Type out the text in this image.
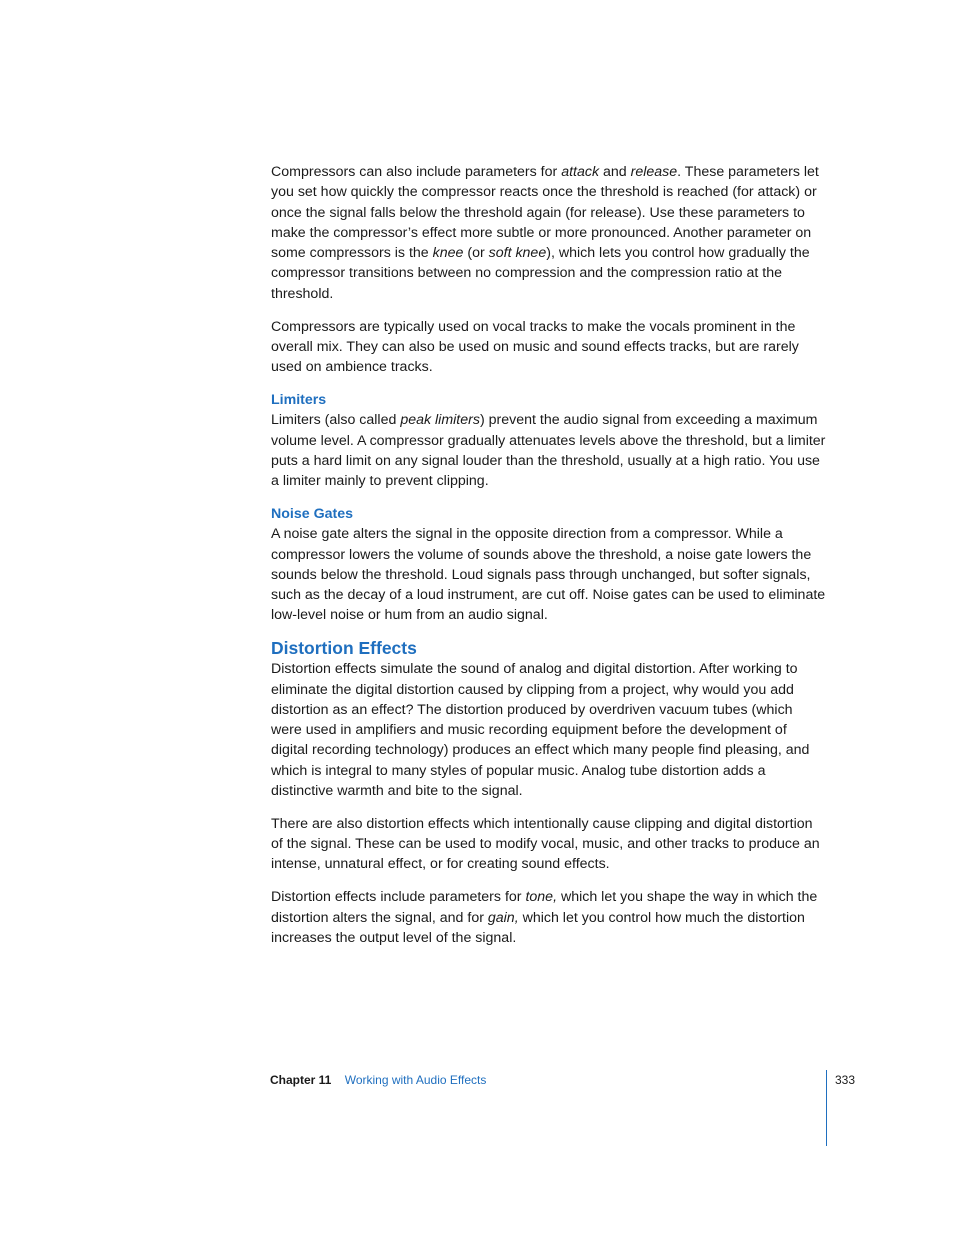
Compressors can also include parameters for attack and release. These parameters let you set how quickly the compressor reacts once the threshold is reached (for attack) or once the signal falls below the threshold again (for release). Use these parameters to make the compressor’s effect more subtle or more pronounced. Another parameter on some compressors is the knee (or soft knee), which lets you control how gradually the compressor transitions between no compression and the compression ratio at the threshold.

Compressors are typically used on vocal tracks to make the vocals prominent in the overall mix. They can also be used on music and sound effects tracks, but are rarely used on ambience tracks.

Limiters

Limiters (also called peak limiters) prevent the audio signal from exceeding a maximum volume level. A compressor gradually attenuates levels above the threshold, but a limiter puts a hard limit on any signal louder than the threshold, usually at a high ratio. You use a limiter mainly to prevent clipping.

Noise Gates

A noise gate alters the signal in the opposite direction from a compressor. While a compressor lowers the volume of sounds above the threshold, a noise gate lowers the sounds below the threshold. Loud signals pass through unchanged, but softer signals, such as the decay of a loud instrument, are cut off. Noise gates can be used to eliminate low-level noise or hum from an audio signal.

Distortion Effects

Distortion effects simulate the sound of analog and digital distortion. After working to eliminate the digital distortion caused by clipping from a project, why would you add distortion as an effect? The distortion produced by overdriven vacuum tubes (which were used in amplifiers and music recording equipment before the development of digital recording technology) produces an effect which many people find pleasing, and which is integral to many styles of popular music. Analog tube distortion adds a distinctive warmth and bite to the signal.

There are also distortion effects which intentionally cause clipping and digital distortion of the signal. These can be used to modify vocal, music, and other tracks to produce an intense, unnatural effect, or for creating sound effects.

Distortion effects include parameters for tone, which let you shape the way in which the distortion alters the signal, and for gain, which let you control how much the distortion increases the output level of the signal.

Chapter 11 Working with Audio Effects	333
